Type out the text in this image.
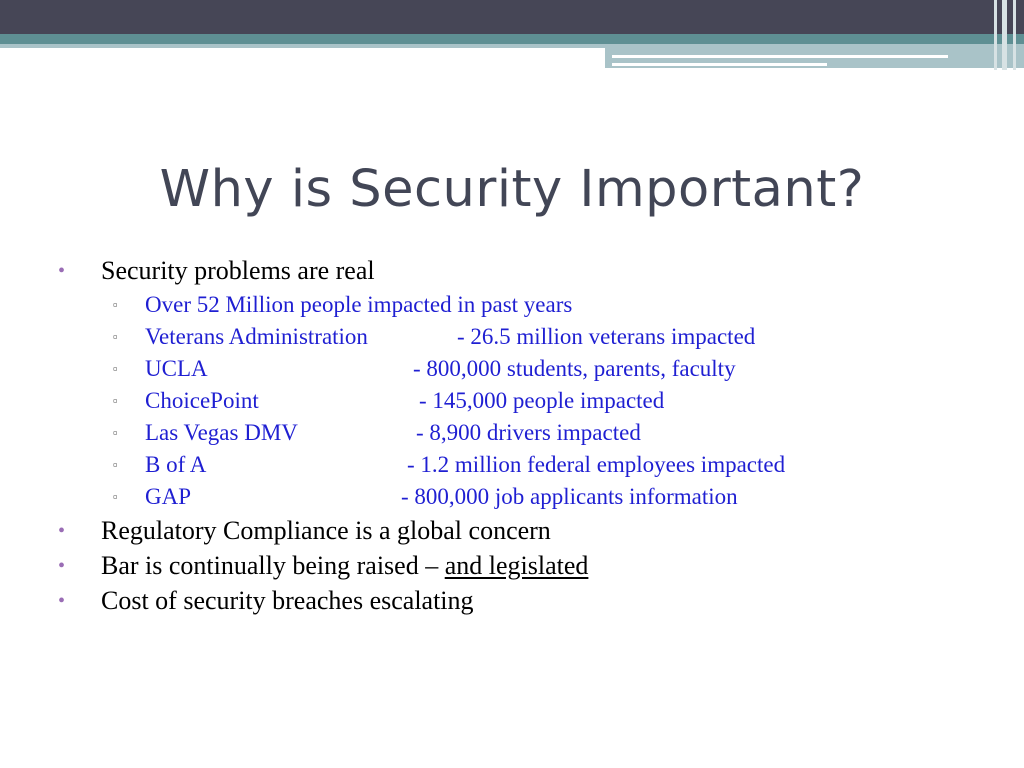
Why is Security Important?
• Security problems are real
▫ Over 52 Million people impacted in past years
▫ Veterans Administration	- 26.5 million veterans impacted
▫ UCLA	- 800,000 students, parents, faculty
▫ ChoicePoint	- 145,000 people impacted
▫ Las Vegas DMV	- 8,900 drivers impacted
▫ B of A	- 1.2 million federal employees impacted
▫ GAP	- 800,000 job applicants information
• Regulatory Compliance is a global concern
• Bar is continually being raised – and legislated
• Cost of security breaches escalating
